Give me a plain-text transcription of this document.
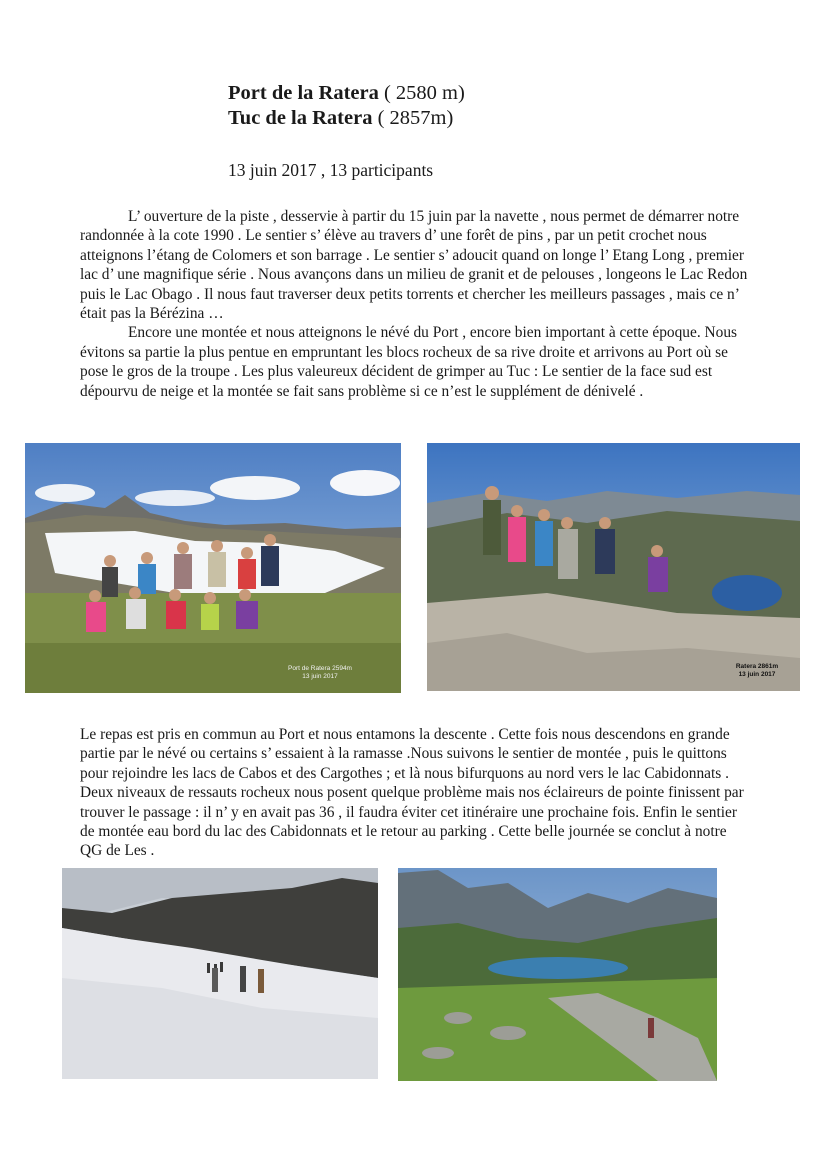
Port de la Ratera ( 2580 m)
Tuc de la Ratera ( 2857m)
13 juin 2017 , 13 participants
L’ ouverture de la piste , desservie à partir du 15 juin par la navette , nous permet de démarrer notre randonnée à la cote 1990 . Le sentier s’ élève au travers d’ une forêt de pins , par un petit crochet nous atteignons l’étang de Colomers et son barrage . Le sentier s’ adoucit quand on longe l’ Etang Long , premier lac d’ une magnifique série . Nous avançons dans un milieu de granit et de pelouses , longeons le Lac Redon puis le Lac Obago . Il nous faut traverser deux petits torrents et chercher les meilleurs passages , mais ce n’ était pas la Bérézina …
Encore une montée et nous atteignons le névé du Port , encore bien important à cette époque. Nous évitons sa partie la plus pentue en empruntant les blocs rocheux de sa rive droite et arrivons au Port où se pose le gros de la troupe . Les plus valeureux décident de grimper au Tuc : Le sentier de la face sud est dépourvu de neige et la montée se fait sans problème si ce n’est le supplément de dénivelé .
Port de Ratera 2594m
13 juin 2017
Ratera 2861m
13 juin 2017
Le repas est pris en commun au Port et nous entamons la descente . Cette fois nous descendons en grande partie par le névé ou certains s’ essaient à la ramasse .Nous suivons le sentier de montée , puis le quittons pour rejoindre les lacs de Cabos et des Cargothes ; et là nous bifurquons au nord vers le lac Cabidonnats . Deux niveaux de ressauts rocheux nous posent quelque problème mais nos éclaireurs de pointe finissent par trouver le passage : il n’ y en avait pas 36 , il faudra éviter cet itinéraire une prochaine fois. Enfin le sentier de montée eau bord du lac des Cabidonnats et le retour au parking . Cette belle journée se conclut à notre QG de Les .
